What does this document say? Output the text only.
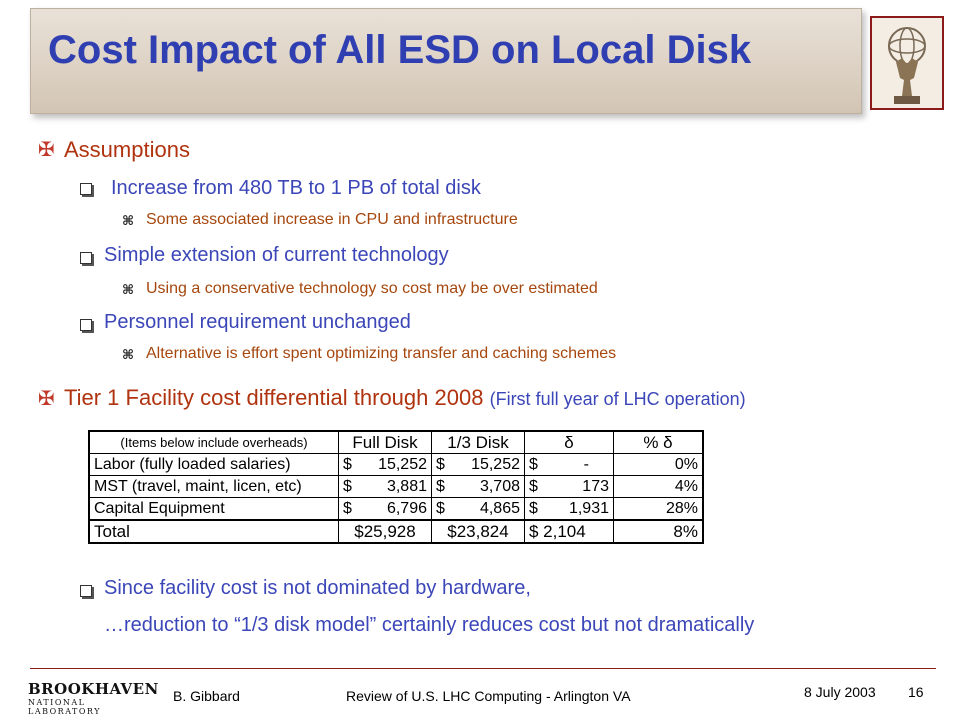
Cost Impact of All ESD on Local Disk
✠ Assumptions
Increase from 480 TB to 1 PB of total disk
⌘ Some associated increase in CPU and infrastructure
Simple extension of current technology
⌘ Using a conservative technology so cost may be over estimated
Personnel requirement unchanged
⌘ Alternative is effort spent optimizing transfer and caching schemes
✠ Tier 1 Facility cost differential through 2008 (First full year of LHC operation)
(Items below include overheads)	Full Disk	1/3 Disk	δ	% δ
Labor (fully loaded salaries)	$ 15,252	$ 15,252	$ -	0%
MST (travel, maint, licen, etc)	$ 3,881	$ 3,708	$ 173	4%
Capital Equipment	$ 6,796	$ 4,865	$ 1,931	28%
Total	$25,928	$23,824	$ 2,104	8%
Since facility cost is not dominated by hardware,
…reduction to “1/3 disk model” certainly reduces cost but not dramatically
BROOKHAVEN
NATIONAL LABORATORY
B. Gibbard	Review of U.S. LHC Computing - Arlington VA	8 July 2003 16
